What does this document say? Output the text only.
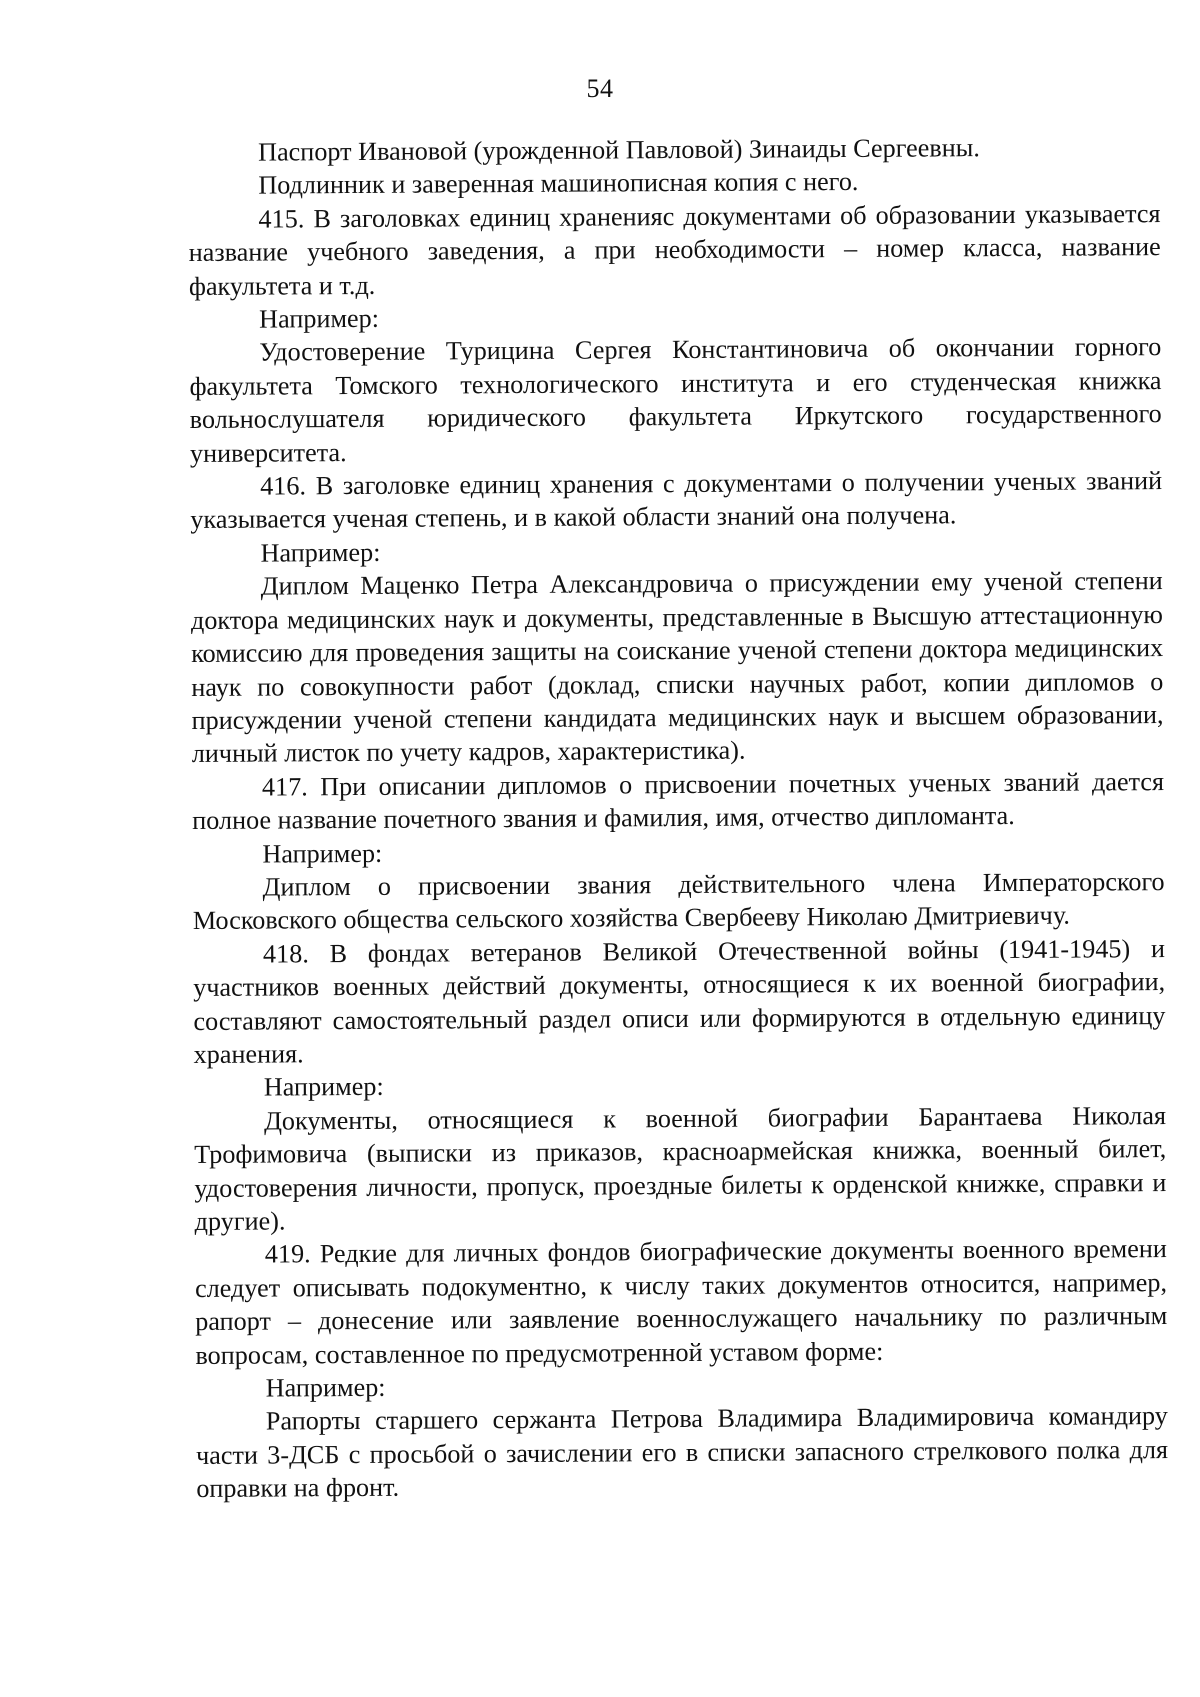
54

Паспорт Ивановой (урожденной Павловой) Зинаиды Сергеевны.

Подлинник и заверенная машинописная копия с него.

415. В заголовках единиц храненияс документами об образовании указывается название учебного заведения, а при необходимости – номер класса, название факультета и т.д.

Например:

Удостоверение Турицина Сергея Константиновича об окончании горного факультета Томского технологического института и его студенческая книжка вольнослушателя юридического факультета Иркутского государственного университета.

416. В заголовке единиц хранения с документами о получении ученых званий указывается ученая степень, и в какой области знаний она получена.

Например:

Диплом Маценко Петра Александровича о присуждении ему ученой степени доктора медицинских наук и документы, представленные в Высшую аттестационную комиссию для проведения защиты на соискание ученой степени доктора медицинских наук по совокупности работ (доклад, списки научных работ, копии дипломов о присуждении ученой степени кандидата медицинских наук и высшем образовании, личный листок по учету кадров, характеристика).

417. При описании дипломов о присвоении почетных ученых званий дается полное название почетного звания и фамилия, имя, отчество дипломанта.

Например:

Диплом о присвоении звания действительного члена Императорского Московского общества сельского хозяйства Свербееву Николаю Дмитриевичу.

418. В фондах ветеранов Великой Отечественной войны (1941-1945) и участников военных действий документы, относящиеся к их военной биографии, составляют самостоятельный раздел описи или формируются в отдельную единицу хранения.

Например:

Документы, относящиеся к военной биографии Барантаева Николая Трофимовича (выписки из приказов, красноармейская книжка, военный билет, удостоверения личности, пропуск, проездные билеты к орденской книжке, справки и другие).

419. Редкие для личных фондов биографические документы военного времени следует описывать подокументно, к числу таких документов относится, например, рапорт – донесение или заявление военнослужащего начальнику по различным вопросам, составленное по предусмотренной уставом форме:

Например:

Рапорты старшего сержанта Петрова Владимира Владимировича командиру части 3-ДСБ с просьбой о зачислении его в списки запасного стрелкового полка для оправки на фронт.
